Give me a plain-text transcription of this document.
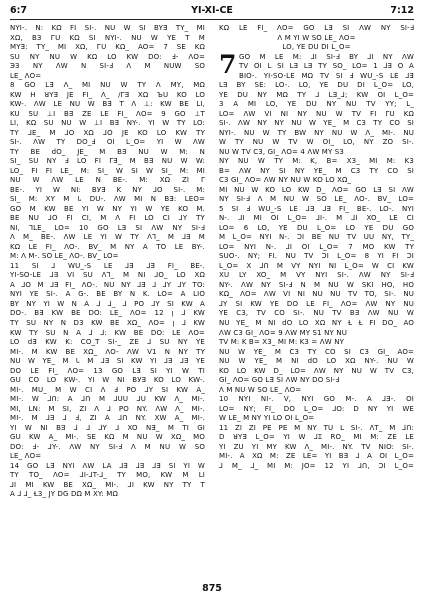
6:7	YI-XI-CE	7:12

NYI-. N: KΩ FI SI-. NU W SI BYƎ TY_ MI

XΩ, ΒЗ ГU KΩ SI NYI-. NU W YE T M

MYƎ: TY_ MI XΩ, ГU KΩ_ AO= 7 SE KΩ

SU NY NU W KΩ LO KW DO: Ⅎ- ΛO=

ЭЗ NY ΛW N SI-Ⅎ Λ M NUW SO

LE_ ΛO=

8 GO LƎ Λ_ MI NU W TY Λ MY, MΩ

KW H ꓤYƎ JE FI_ Λ_ /ΓƎ XΩ ЪU KO LO

KW-. ΛW LE NU W ΒƎ T Λ ⊥: KW BE LI,

KU SU ⊥I ΒƎ ZE LE FI_ ΛO= 9 GO ⊥T

LI, KΩ SU NU W ⊥I ΒƎ NY-. YI W TY LO:

TY ⅃E_ M ⅃O XΩ ⅃O JE KO LO KW TY

SI-. ΛW TY DO_Ⅎ OI L_O= YI W ΛW

TY BE dO_ JE_ M ΒƎ NU W M: N

SI_ SU NY Ⅎ LO FI ΓƎ_ M ΒƎ NU W W:

LO_ FI FI LE_ M: SI_ W SI W SI_ M: MI

NU W ΛW LE N BE-. M: XΩ ZI Γ

BE-. YI W NI: ΒУƎ K NY ⅃O SI-. M:

SI_ M: XY M Ꮣ DU-. ΛW MI N ΒƎ: LEO=

GO M KW BE YI W NY YI W YE KO M.

BE NU ⅃O FI CI, M Λ FI LO CI ⅃Y TY

NI, ꞀLE_ LO= 10 GO LƎ SI ΛW NY SI-Ⅎ

Λ M_ BE-. ΛW LE YI W TY ΛꞀ_ M ⅃Ǝ M

KΩ LE FI_ ΛO-. BV_ M NY A TO LE BY-.

M: Λ M-. SO LE_ ΛO-. BV_ LO=

11 SI ⅃ WU_-S LE ⅃Ǝ ⅃Ǝ FI_ BE-.

YI-SO-LE ⅃Ǝ VI SU ΛꞀ_ M NI ⅃O_ LO XΩ

A ⅃O M ⅃Ǝ FI_ ΛO-. NU NY ⅃Ǝ ⅃ ⅃Y ⅃Y TO:

NYI YE SI-. A G-. BE BY N K. LO= A LIO

BY NY YI W N A ⅃ ⅃_ ⅃ PO ⅃Y SI KW A

DO-. ΒƎ KW BE DO: LE_ ΛO= 12 ꞁ ⅃ KW

TY SU NY N D3 KW BE XΩ_ ΛO= ꞁ ⅃ KW

KW TY SU N A ⅃ ⅃: KW BE DO: LE ΛO=

LO dƎ KW K: CO_T SI-_ ZE ⅃ SU NY YE

MI-. M KW BE XΩ_ ΛO- ΛW V1 N NY TY

NU W YE_ M Ꮣ M ⅃Ǝ SI KW YI ⅃Ǝ ⅃Ǝ YE

DO LE FI_ ΛO= 13 GO LƎ SI YI W TI

GU CO LO KW-. YI W NI ΒУƎ KO LO KW-.

MI-. MU_ M W CI Λ Ⅎ PO ⅃Y SI KW A_

MI-. W ⅃ꓵ: A ⅃ꓵ M ⅃UU ⅃U KW Λ_ MI-.

MI, LN: M SI, ZI Λ ⅃ PO NY. ΛW Λ_ MI-.

MI-. M ⅃Ǝ ⅃ Ⅎ, ZI A ⅃ꓵ NY. XW A_ MI-.

YI W NI ΒƎ ⅃ ⅃ ⅃Y ⅃ XO NƎ_ M TI GI

GU KW A_ MI-. SE KΩ M NU W XΩ_ MO

DO: Ⅎ- ⅃Y-. ΛW NY SI-Ⅎ Λ M NU W SO

LE_ ΛO=

14 GO LƎ NYI ΛW LA ⅃Ǝ ⅃Ǝ ⅃Ǝ SI YI W

TY TO_ ΛO= ⅃I-⅃T-⅃_ TY MO, KW M LI

⅃I MI KW BE XΩ_ MI-. ⅃I KW NY TY T

A ⅃ ⅃_ Ɫ3_ JY DG DΩ M XY: MΩ

KΩ LE FI_ ΛO= GO LƎ SI ΛW NY SI-Ⅎ

Λ M YI W SO LE_ ΛO=

LO, YE DU DI L_O=

7 GO M LE M: ⅃I SI-Ⅎ BY ⅃I NY ΛW

TV OI L SI LƎ LƎ TY SO_ LO= 1 ⅃Ǝ O A

BIO-. YI-SO-LE MΩ TV SI Ⅎ WU_-S LE ⅃Ǝ

LƎ BY SE: LO-. LO, YE DU DI L_O= LO,

YE DU NY MΩ TY ⅃ LƎ_⅃; KW OI L_O=

3 A MI LO, YE DU NY NU TV YY; L_

LO= ΛW VI NI NY NU W TV FI ΓU KΩ

SI-. ΛW NY NY NU W YE_ M C3 TY CO SI

NYI-. NU W TY BW NY NU W Λ_ MI-. NU

W TY NU W TV W OI_ LO, NY ZO SI-.

NU W TV C3, GI_ ΛO= 4 ΛW MY S3

NY NU W TY M: K, B= X3_ MI M: K3

B= ΛW NY SI NY YE_ M C3 TY CO SI

C3 GI_ ΛO= ΛW NY NU W KO LO XΩ_

MI NU W KO LO KW D_ ΛO= GO LƎ SI ΛW

NY SI-Ⅎ Λ M NU W SO LE_ ΛO-. BV_ LO=

5 SI Ⅎ WU_-S LE ⅃Ǝ ⅃Ǝ FI_ BE-. LO-. NYI

N-. ⅃I MI OI L_O= ⅃I-. M ⅃I XO_ LE CI

LO= 6 LO, YE DU L_O= LO YE DU GO

M L_O= NYI N-. ƆI BE NU TV UU NY, TY_

LO= NYI N-. ⅃I OI L_O= 7 MO KW TY

SUO-. NY; FI. NU TV ƆI L_O= 8 YI FI ƆI

L_O= X ⅃ꓵ M VY NYI NI L_O= W CI KW

XU LY XO_ M VY NYI SI-. ΛW NY SI-Ⅎ

NY-. ΛW NY SI-Ⅎ N M NU W SKI HO, HO

KΩ_ ΛO= ΛW VI NI NU NU TV TO, SI-. NU

⅃Y SI KW YE DO LE FI_ ΛO= ΛW NY NU

YE C3, TV CO SI-. NU TV ΒƎ ΛW NU W

NU YE_ M NI dO LO XΩ NY Ɫ Ɫ FI DO_ AO

ΛW C3 GI_ ΛO= 9 ΛW MY S1 NY NU

TV M: K B= X3_ MI M: K3 = ΛW NY

NU W YE_ M C3 TY CO SI C3 GI_ AO=

NU W YE_ M NI dO LO XΩ NY-. NU W

KO LO KW D_ LO= ΛW NY NU W TV C3,

GI_ ΛO= GO LƎ SI ΛW NY DO SI-Ⅎ

Λ M NU W SO LE_ ΛO=

10 NYI NI-. V, NYI GO M-. A ⅃Ǝ-. OI

LO= NY; FI_ DO L_O= ⅃O: D NY YI WE

W LE_ M NY YI LO OI L_O=

11 ZI ZI PE PE M NY TU L SI-. ΛT_ M ⅃ꓵ:

D ꓤYƎ L_O= YI W ⅃Ɪ RO_ MI M: ZE LE

YI ZU YI MY KW Λ_ MI-. NY. TV NIO: SI-.

MI-. A XΩ M: ZE LE= YI ΒƎ ⅃ A OI L_O=

⅃ M_ ⅃_ MI M: JO= 12 YI ⅃ꓵ, ƆI L_O=

875
